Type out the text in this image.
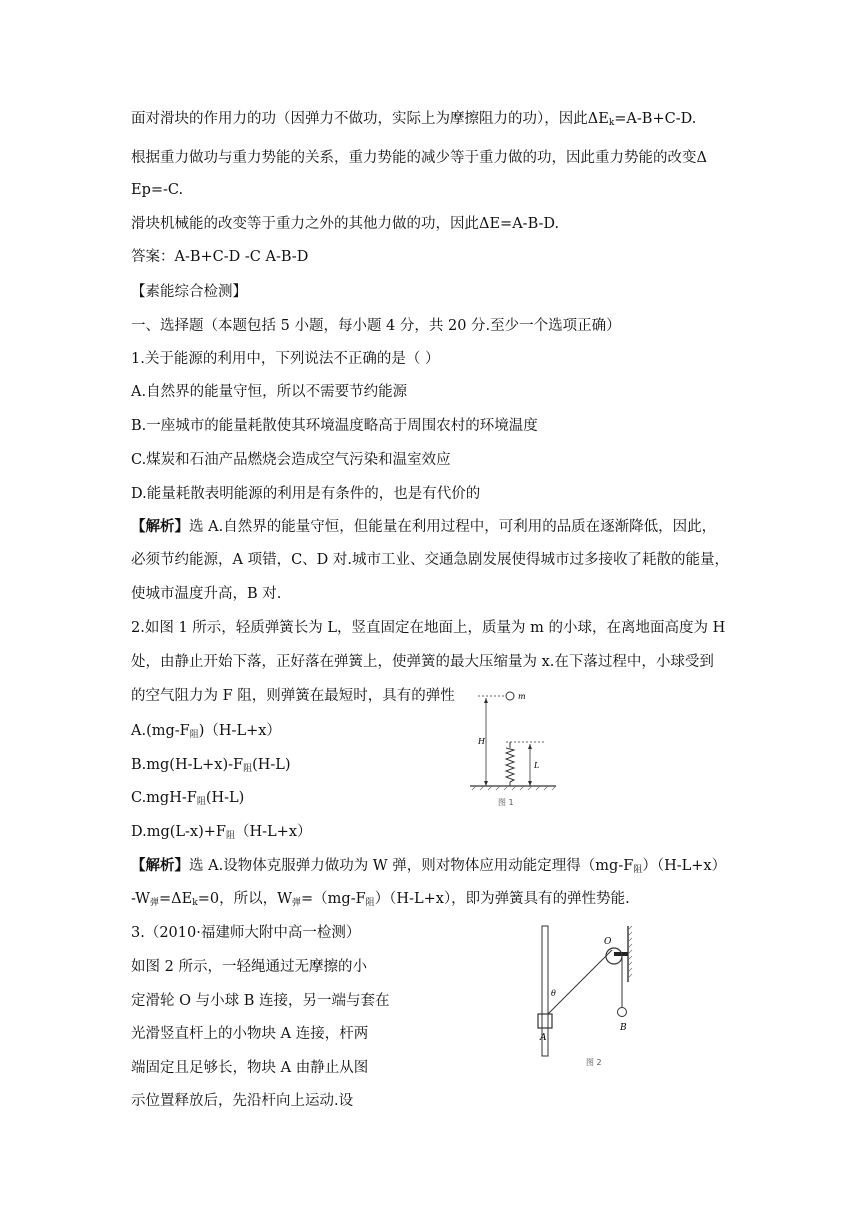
面对滑块的作用力的功（因弹力不做功，实际上为摩擦阻力的功），因此$\Delta E_k=A-B+C-D$.
根据重力做功与重力势能的关系，重力势能的减少等于重力做的功，因此重力势能的改变Δ
Ep=-C.
滑块机械能的改变等于重力之外的其他力做的功，因此ΔE=A-B-D.
答案：A-B+C-D -C A-B-D
【素能综合检测】
一、选择题（本题包括 5 小题，每小题 4 分，共 20 分.至少一个选项正确）
1.关于能源的利用中，下列说法不正确的是（ ）
A.自然界的能量守恒，所以不需要节约能源
B.一座城市的能量耗散使其环境温度略高于周围农村的环境温度
C.煤炭和石油产品燃烧会造成空气污染和温室效应
D.能量耗散表明能源的利用是有条件的，也是有代价的
【解析】选 A.自然界的能量守恒，但能量在利用过程中，可利用的品质在逐渐降低，因此，
必须节约能源，A 项错，C、D 对.城市工业、交通急剧发展使得城市过多接收了耗散的能量，
使城市温度升高，B 对.
2.如图 1 所示，轻质弹簧长为 L，竖直固定在地面上，质量为 m 的小球，在离地面高度为 H
处，由静止开始下落，正好落在弹簧上，使弹簧的最大压缩量为 x.在下落过程中，小球受到
的空气阻力为 F 阻，则弹簧在最短时，具有的弹性
$A.(mg-F_阻)(H-L+x)$
$B.mg(H-L+x)-F_阻(H-L)$
$C.mgH-F_阻(H-L)$
$D.mg(L-x)+F_阻(H-L+x)$
【解析】选 A.设物体克服弹力做功为 W 弹，则对物体应用动能定理得$(mg-F_阻)(H-L+x)$
$-W_弹=\Delta E_k=0$，所以，$W_弹=(mg-F_阻)(H-L+x)$，即为弹簧具有的弹性势能.
3.（2010·福建师大附中高一检测）
如图 2 所示，一轻绳通过无摩擦的小
定滑轮 O 与小球 B 连接，另一端与套在
光滑竖直杆上的小物块 A 连接，杆两
端固定且足够长，物块 A 由静止从图
示位置释放后，先沿杆向上运动.设
m
H
L
图 1
A
θ
O
B
图 2
